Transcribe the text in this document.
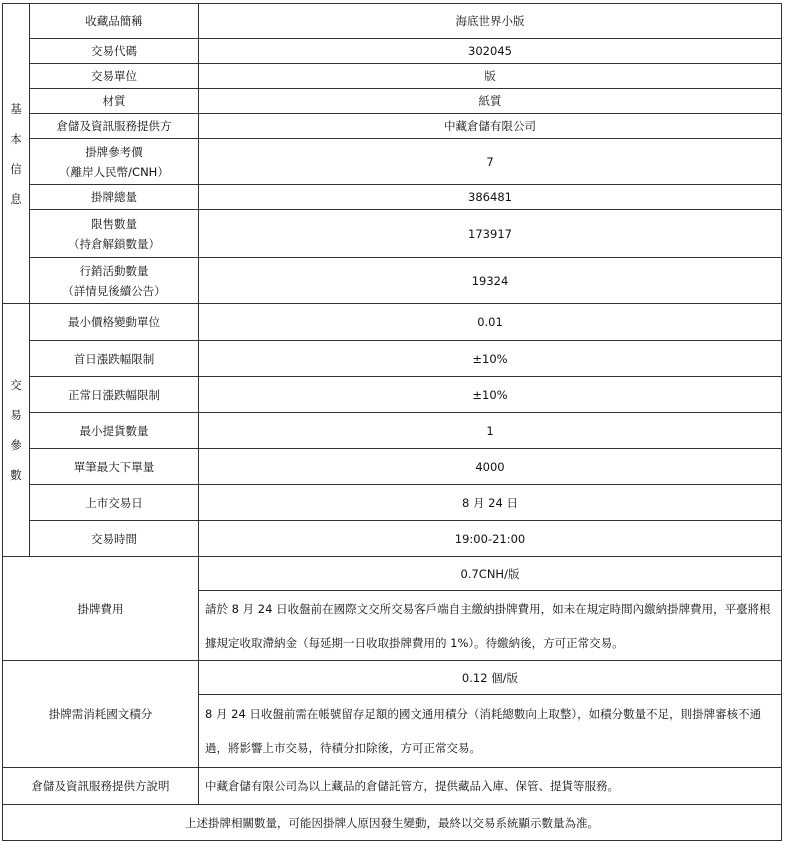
基
本
信
息	收藏品簡稱	海底世界小版
	交易代碼	302045
	交易單位	版
	材質	紙質
	倉儲及資訊服務提供方	中藏倉儲有限公司

	掛牌參考價
（離岸人民幣/CNH）	7
	掛牌總量	386481

	限售數量
（持倉解鎖數量）	173917

	行銷活動數量
（詳情見後續公告）	19324

交
易
參
數	最小價格變動單位	0.01
	首日漲跌幅限制	±10%
	正常日漲跌幅限制	±10%
	最小提貨數量	1
	單筆最大下單量	4000
	上市交易日	8 月 24 日
	交易時間	19:00-21:00
掛牌費用		0.7CNH/版
		請於 8 月 24 日收盤前在國際文交所交易客戶端自主繳納掛牌費用，如未在規定時間內繳納掛牌費用，平臺將根據規定收取滯納金（每延期一日收取掛牌費用的 1%）。待繳納後，方可正常交易。
掛牌需消耗國文積分		0.12 個/版
		8 月 24 日收盤前需在帳號留存足額的國文通用積分（消耗總數向上取整），如積分數量不足，則掛牌審核不通過，將影響上市交易，待積分扣除後，方可正常交易。
倉儲及資訊服務提供方說明		中藏倉儲有限公司為以上藏品的倉儲託管方，提供藏品入庫、保管、提貨等服務。
上述掛牌相關數量，可能因掛牌人原因發生變動，最終以交易系統顯示數量為准。		
